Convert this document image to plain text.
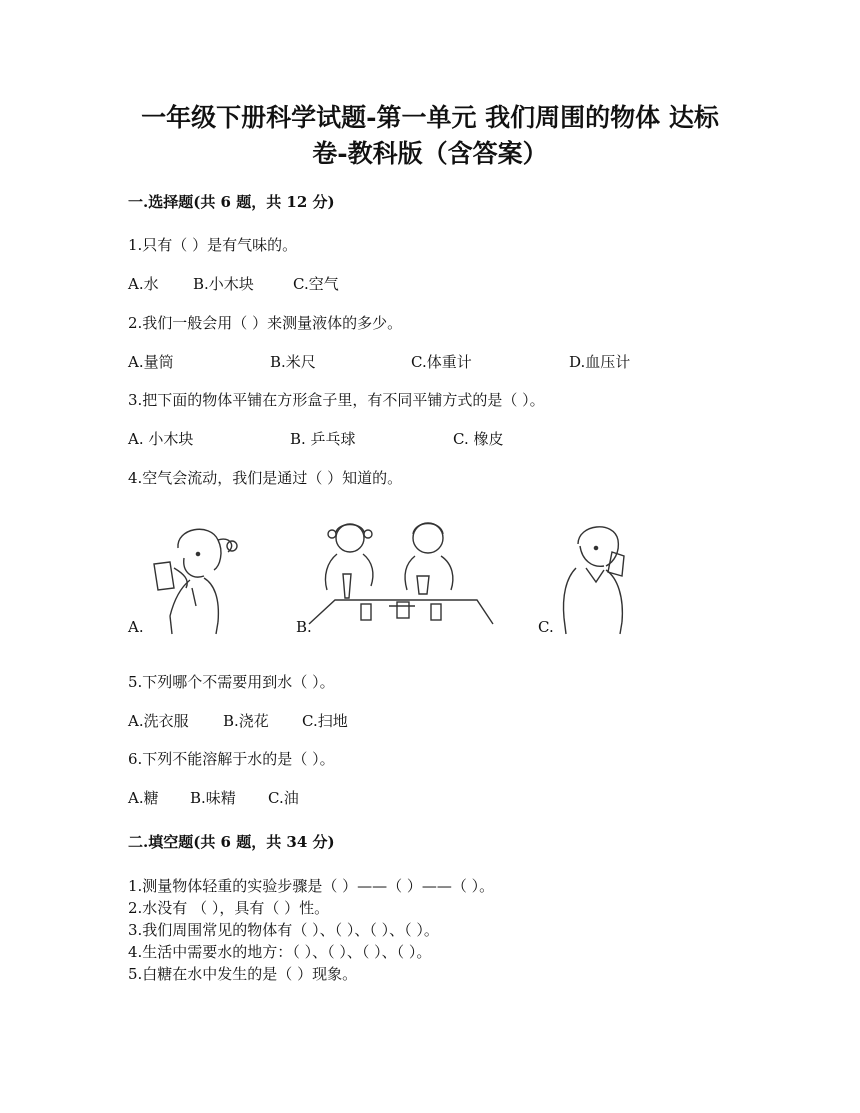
一年级下册科学试题-第一单元 我们周围的物体 达标
卷-教科版（含答案）
一.选择题(共 6 题，共 12 分)
1.只有（ ）是有气味的。
A.水 B.小木块	C.空气
2.我们一般会用（ ）来测量液体的多少。
A.量筒	B.米尺	C.体重计	D.血压计
3.把下面的物体平铺在方形盒子里，有不同平铺方式的是（ ）。
A. 小木块	B. 乒乓球	C. 橡皮
4.空气会流动，我们是通过（ ）知道的。
A.	B.	C.
5.下列哪个不需要用到水（ ）。
A.洗衣服 B.浇花 C.扫地
6.下列不能溶解于水的是（ ）。
A.糖 B.味精 C.油
二.填空题(共 6 题，共 34 分)
1.测量物体轻重的实验步骤是（ ）——（ ）——（ ）。
2.水没有 （ ），具有（ ）性。
3.我们周围常见的物体有（ ）、（ ）、（ ）、（ ）。
4.生活中需要水的地方：（ ）、（ ）、（ ）、（ ）。
5.白糖在水中发生的是（ ）现象。
